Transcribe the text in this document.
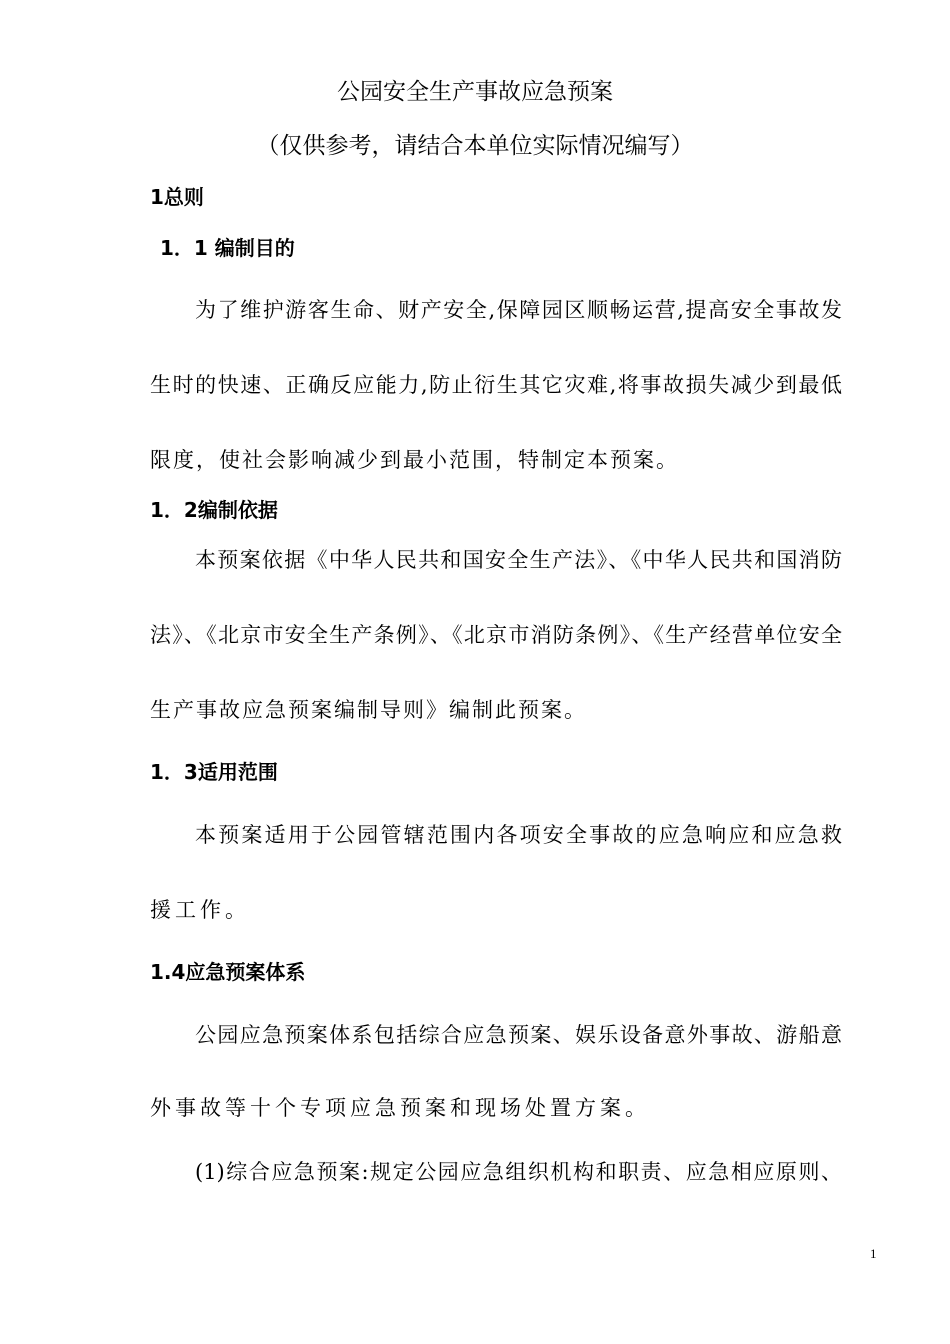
公园安全生产事故应急预案
（仅供参考，请结合本单位实际情况编写）
1总则
1．1 编制目的
为了维护游客生命、财产安全,保障园区顺畅运营,提高安全事故发
生时的快速、正确反应能力,防止衍生其它灾难,将事故损失减少到最低
限度，使社会影响减少到最小范围，特制定本预案。
1．2编制依据
本预案依据《中华人民共和国安全生产法》、《中华人民共和国消防
法》、《北京市安全生产条例》、《北京市消防条例》、《生产经营单位安全
生产事故应急预案编制导则》编制此预案。
1．3适用范围
本预案适用于公园管辖范围内各项安全事故的应急响应和应急救
援工作。
1.4应急预案体系
公园应急预案体系包括综合应急预案、娱乐设备意外事故、游船意
外事故等十个专项应急预案和现场处置方案。
(1)综合应急预案:规定公园应急组织机构和职责、应急相应原则、
1
